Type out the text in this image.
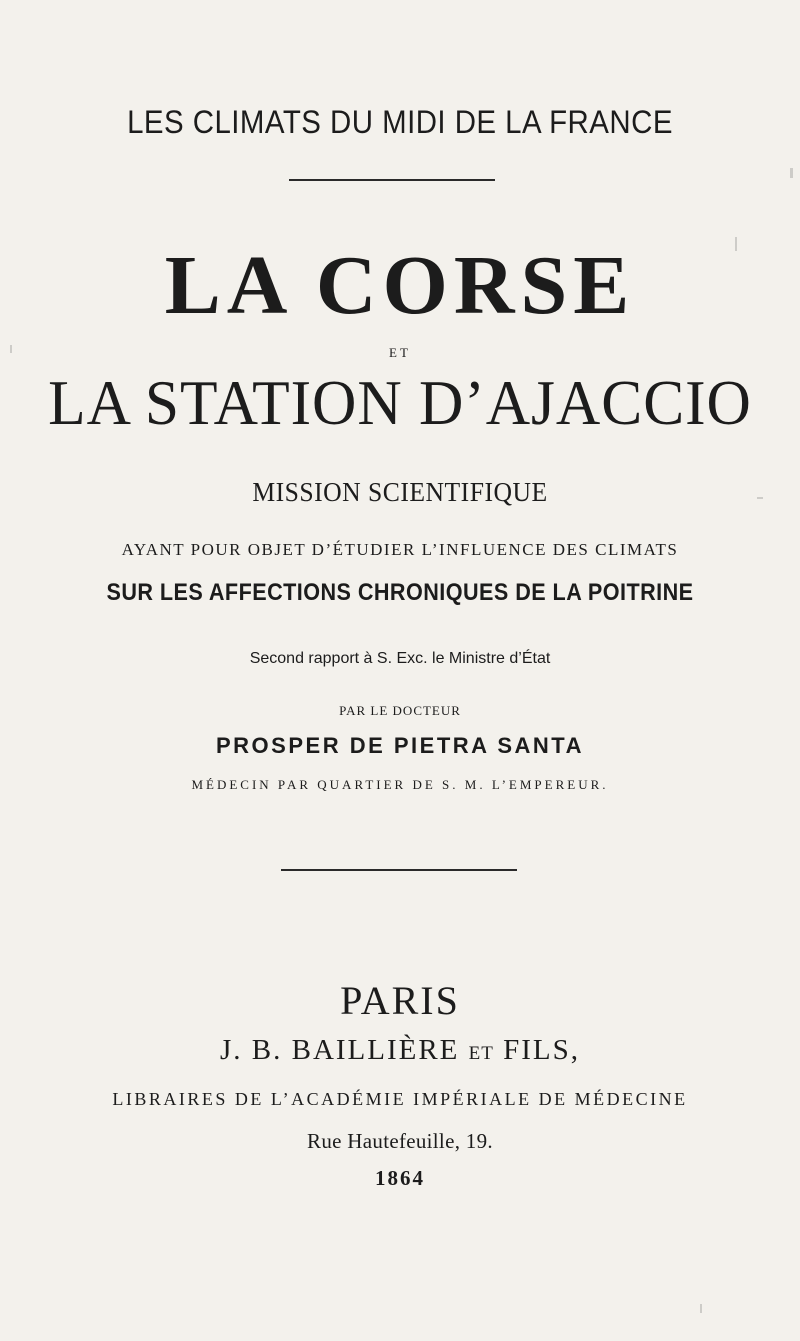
LES CLIMATS DU MIDI DE LA FRANCE
LA CORSE
ET
LA STATION D’AJACCIO
MISSION SCIENTIFIQUE
AYANT POUR OBJET D’ÉTUDIER L’INFLUENCE DES CLIMATS
SUR LES AFFECTIONS CHRONIQUES DE LA POITRINE
Second rapport à S. Exc. le Ministre d’État
PAR LE DOCTEUR
PROSPER DE PIETRA SANTA
MÉDECIN PAR QUARTIER DE S. M. L’EMPEREUR.
PARIS
J. B. BAILLIÈRE ET FILS,
LIBRAIRES DE L’ACADÉMIE IMPÉRIALE DE MÉDECINE
Rue Hautefeuille, 19.
1864
